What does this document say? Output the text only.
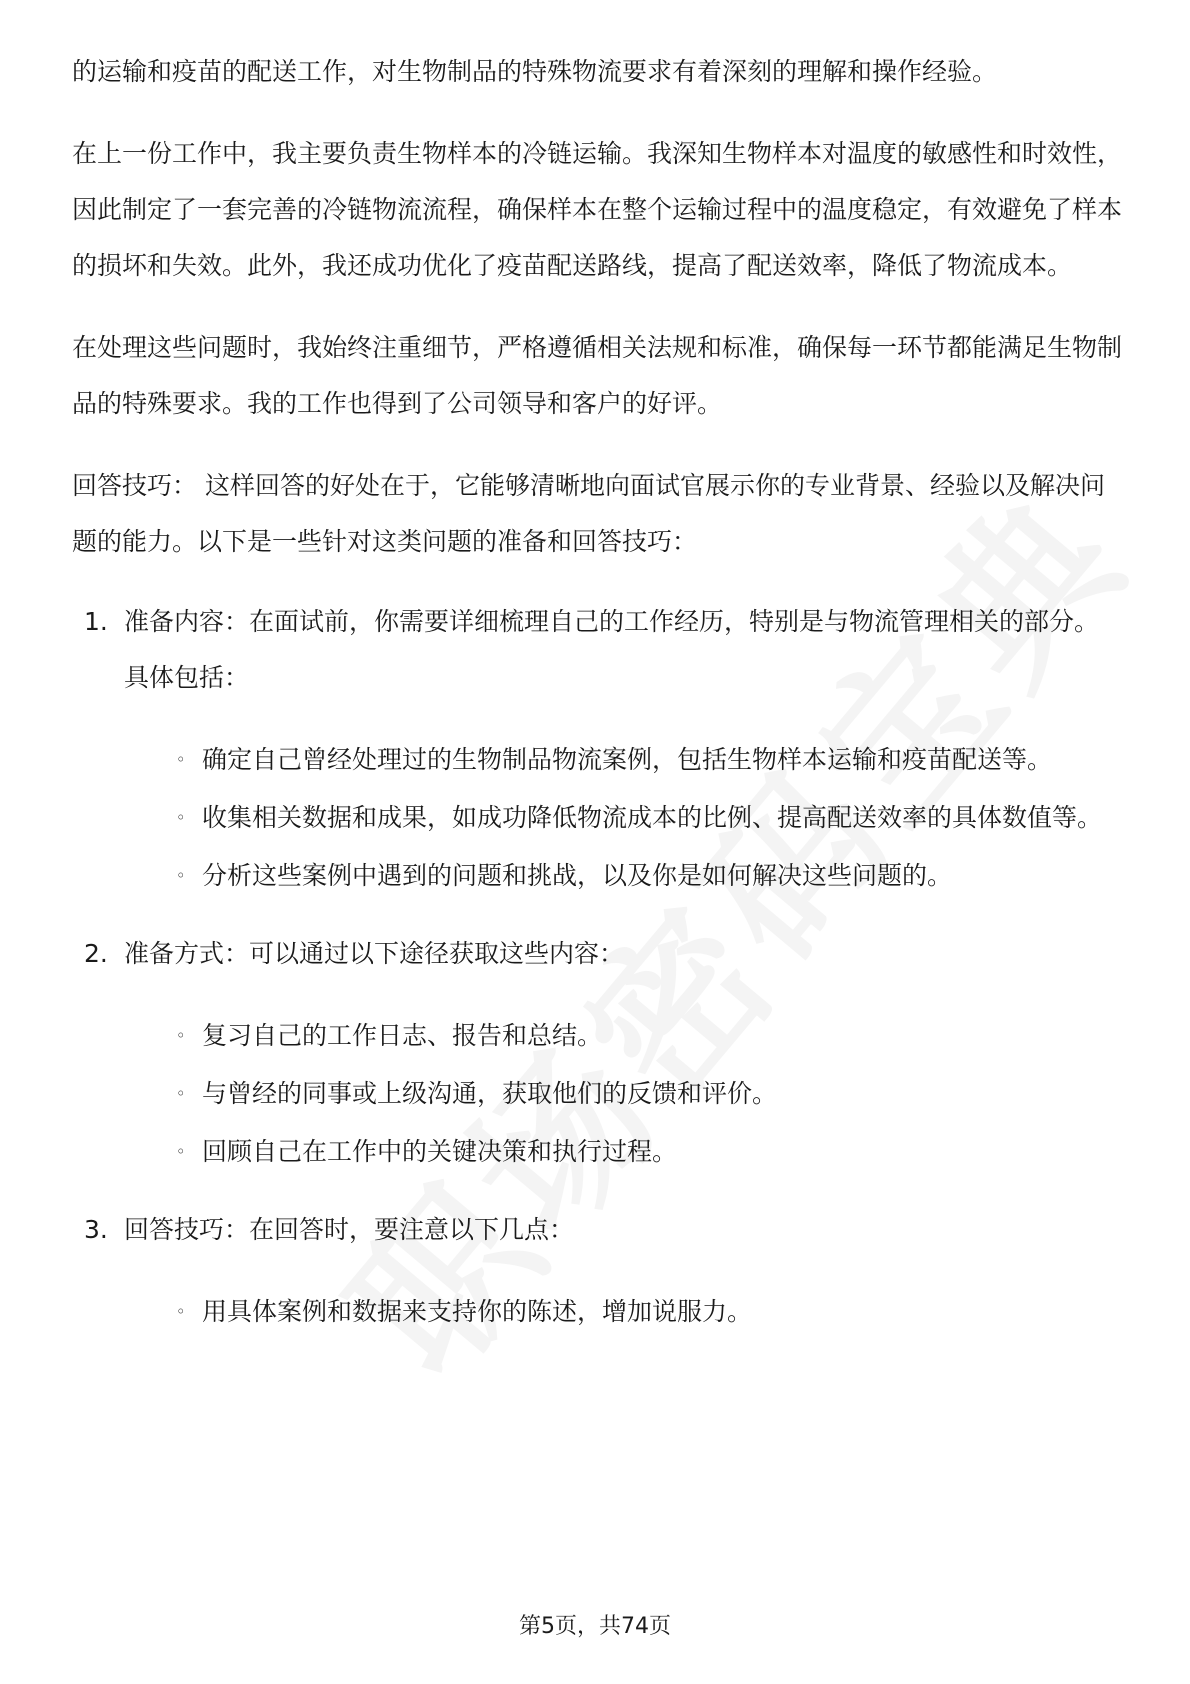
的运输和疫苗的配送工作，对生物制品的特殊物流要求有着深刻的理解和操作经验。

在上一份工作中，我主要负责生物样本的冷链运输。我深知生物样本对温度的敏感性和时效性，因此制定了一套完善的冷链物流流程，确保样本在整个运输过程中的温度稳定，有效避免了样本的损坏和失效。此外，我还成功优化了疫苗配送路线，提高了配送效率，降低了物流成本。

在处理这些问题时，我始终注重细节，严格遵循相关法规和标准，确保每一环节都能满足生物制品的特殊要求。我的工作也得到了公司领导和客户的好评。

回答技巧： 这样回答的好处在于，它能够清晰地向面试官展示你的专业背景、经验以及解决问题的能力。以下是一些针对这类问题的准备和回答技巧：

1. 准备内容：在面试前，你需要详细梳理自己的工作经历，特别是与物流管理相关的部分。具体包括：

◦ 确定自己曾经处理过的生物制品物流案例，包括生物样本运输和疫苗配送等。
◦ 收集相关数据和成果，如成功降低物流成本的比例、提高配送效率的具体数值等。
◦ 分析这些案例中遇到的问题和挑战，以及你是如何解决这些问题的。
2. 准备方式：可以通过以下途径获取这些内容：

◦ 复习自己的工作日志、报告和总结。
◦ 与曾经的同事或上级沟通，获取他们的反馈和评价。
◦ 回顾自己在工作中的关键决策和执行过程。
3. 回答技巧：在回答时，要注意以下几点：

◦ 用具体案例和数据来支持你的陈述，增加说服力。
第5页，共74页
